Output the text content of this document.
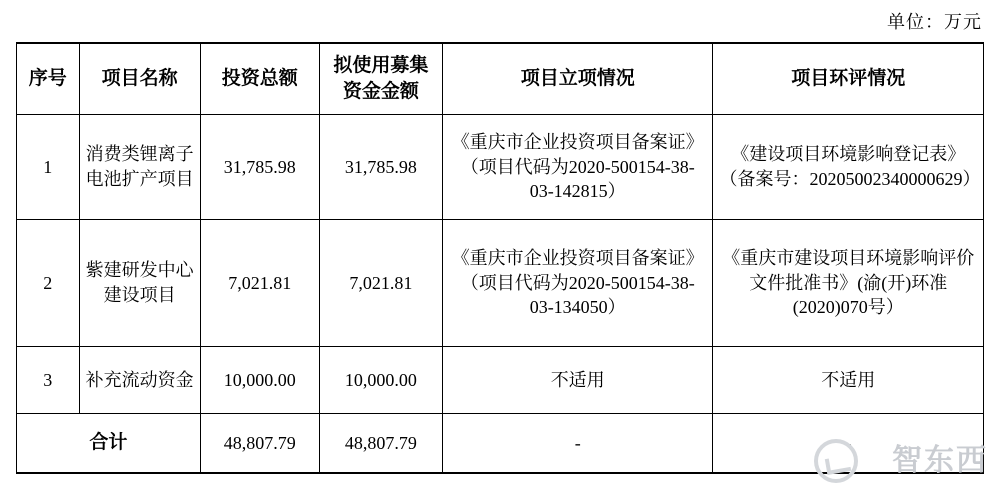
单位：万元
序号	项目名称	投资总额	拟使用募集资金金额	项目立项情况	项目环评情况
1	消费类锂离子电池扩产项目	31,785.98	31,785.98	《重庆市企业投资项目备案证》（项目代码为2020-500154-38-03-142815）	《建设项目环境影响登记表》（备案号：20205002340000629）
2	紫建研发中心建设项目	7,021.81	7,021.81	《重庆市企业投资项目备案证》（项目代码为2020-500154-38-03-134050）	《重庆市建设项目环境影响评价文件批准书》(渝(开)环准(2020)070号）
3	补充流动资金	10,000.00	10,000.00	不适用	不适用
合计		48,807.79	48,807.79	-	-
智东西
